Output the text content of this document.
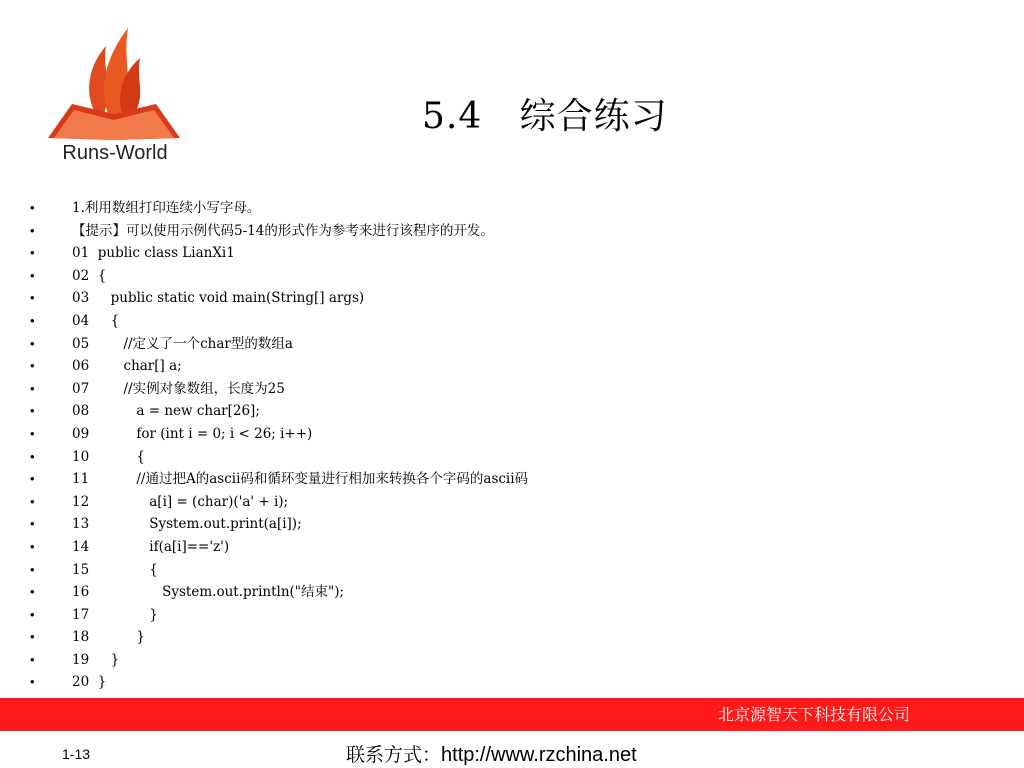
Runs-World
5.4   综合练习
•	1.利用数组打印连续小写字母。
•	【提示】可以使用示例代码5-14的形式作为参考来进行该程序的开发。
•	01  public class LianXi1
•	02  {
•	03     public static void main(String[] args)
•	04     {
•	05        //定义了一个char型的数组a
•	06        char[] a;
•	07        //实例对象数组，长度为25
•	08           a = new char[26];
•	09           for (int i = 0; i < 26; i++)
•	10           {
•	11           //通过把A的ascii码和循环变量进行相加来转换各个字码的ascii码
•	12              a[i] = (char)('a' + i);
•	13              System.out.print(a[i]);
•	14              if(a[i]=='z')
•	15              {
•	16                 System.out.println("结束");
•	17              }
•	18           }
•	19     }
•	20  }
北京源智天下科技有限公司
1-13	联系方式：http://www.rzchina.net
